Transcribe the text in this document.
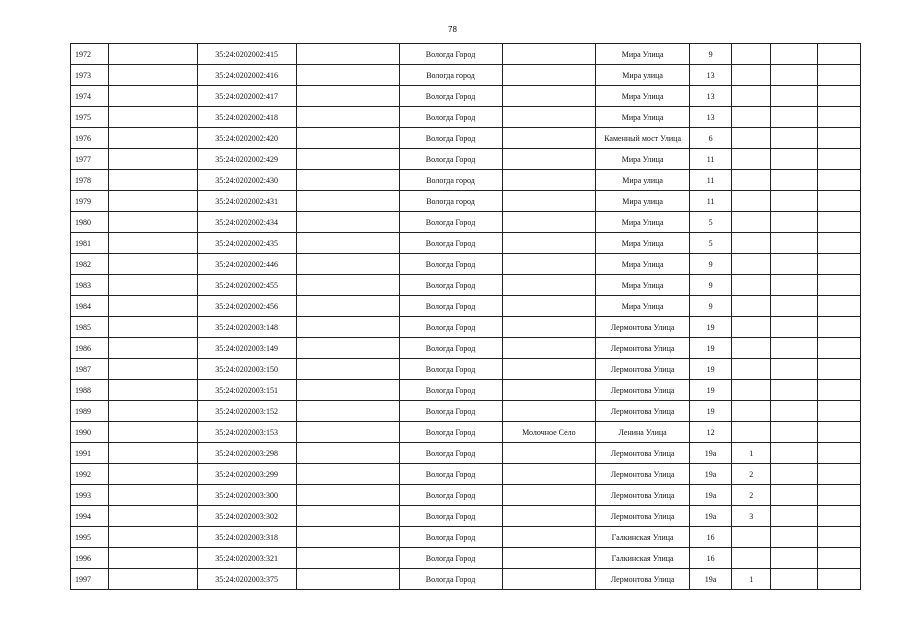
78
1972		35:24:0202002:415		Вологда Город		Мира Улица	9			
1973		35:24:0202002:416		Вологда город		Мира улица	13			
1974		35:24:0202002:417		Вологда Город		Мира Улица	13			
1975		35:24:0202002:418		Вологда Город		Мира Улица	13			
1976		35:24:0202002:420		Вологда Город		Каменный мост Улица	6			
1977		35:24:0202002:429		Вологда Город		Мира Улица	11			
1978		35:24:0202002:430		Вологда город		Мира улица	11			
1979		35:24:0202002:431		Вологда город		Мира улица	11			
1980		35:24:0202002:434		Вологда Город		Мира Улица	5			
1981		35:24:0202002:435		Вологда Город		Мира Улица	5			
1982		35:24:0202002:446		Вологда Город		Мира Улица	9			
1983		35:24:0202002:455		Вологда Город		Мира Улица	9			
1984		35:24:0202002:456		Вологда Город		Мира Улица	9			
1985		35:24:0202003:148		Вологда Город		Лермонтова Улица	19			
1986		35:24:0202003:149		Вологда Город		Лермонтова Улица	19			
1987		35:24:0202003:150		Вологда Город		Лермонтова Улица	19			
1988		35:24:0202003:151		Вологда Город		Лермонтова Улица	19			
1989		35:24:0202003:152		Вологда Город		Лермонтова Улица	19			
1990		35:24:0202003:153		Вологда Город	Молочное Село	Ленина Улица	12			
1991		35:24:0202003:298		Вологда Город		Лермонтова Улица	19а	1		
1992		35:24:0202003:299		Вологда Город		Лермонтова Улица	19а	2		
1993		35:24:0202003:300		Вологда Город		Лермонтова Улица	19а	2		
1994		35:24:0202003:302		Вологда Город		Лермонтова Улица	19а	3		
1995		35:24:0202003:318		Вологда Город		Галкинская Улица	16			
1996		35:24:0202003:321		Вологда Город		Галкинская Улица	16			
1997		35:24:0202003:375		Вологда Город		Лермонтова Улица	19а	1		
